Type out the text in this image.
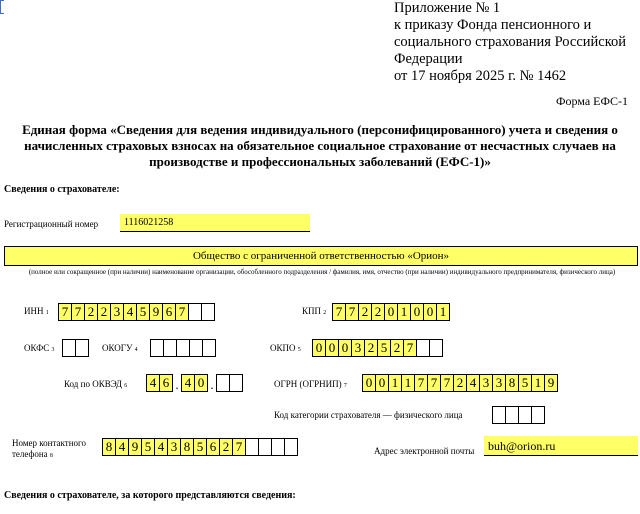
Приложение № 1
к приказу Фонда пенсионного и
социального страхования Российской
Федерации
от 17 ноября 2025 г. № 1462
Форма ЕФС-1
Единая форма «Сведения для ведения индивидуального (персонифицированного) учета и сведения о начисленных страховых взносах на обязательное социальное страхование от несчастных случаев на производстве и профессиональных заболеваний (ЕФС-1)»
Сведения о страхователе:
Регистрационный номер	1116021258
Общество с ограниченной ответственностью «Орион»
(полное или сокращенное (при наличии) наименование организации, обособленного подразделения / фамилия, имя, отчество (при наличии) индивидуального предпринимателя, физического лица)
ИНН 1 7 7 2 2 3 4 5 9 6 7	КПП 2 7 7 2 2 0 1 0 0 1
ОКФС 3	ОКОГУ 4	ОКПО 5 0 0 0 3 2 5 2 7
Код по ОКВЭД 6 4 6 . 4 0 .	ОГРН (ОГРНИП) 7 0 0 1 1 7 7 7 2 4 3 3 8 5 1 9
Код категории страхователя — физического лица
Номер контактного
телефона 8
8 4 9 5 4 3 8 5 6 2 7	Адрес электронной почты	buh@orion.ru
Сведения о страхователе, за которого представляются сведения:
